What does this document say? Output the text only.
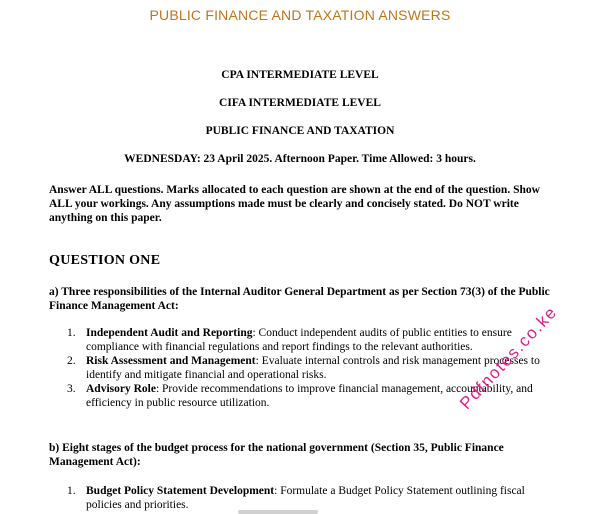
PUBLIC FINANCE AND TAXATION ANSWERS
CPA INTERMEDIATE LEVEL
CIFA INTERMEDIATE LEVEL
PUBLIC FINANCE AND TAXATION
WEDNESDAY: 23 April 2025. Afternoon Paper. Time Allowed: 3 hours.
Answer ALL questions. Marks allocated to each question are shown at the end of the question. Show ALL your workings. Any assumptions made must be clearly and concisely stated. Do NOT write anything on this paper.
QUESTION ONE
a) Three responsibilities of the Internal Auditor General Department as per Section 73(3) of the Public Finance Management Act:
1. Independent Audit and Reporting: Conduct independent audits of public entities to ensure compliance with financial regulations and report findings to the relevant authorities.
2. Risk Assessment and Management: Evaluate internal controls and risk management processes to identify and mitigate financial and operational risks.
3. Advisory Role: Provide recommendations to improve financial management, accountability, and efficiency in public resource utilization.
b) Eight stages of the budget process for the national government (Section 35, Public Finance Management Act):
1. Budget Policy Statement Development: Formulate a Budget Policy Statement outlining fiscal policies and priorities.
Pdfnotes.co.ke
